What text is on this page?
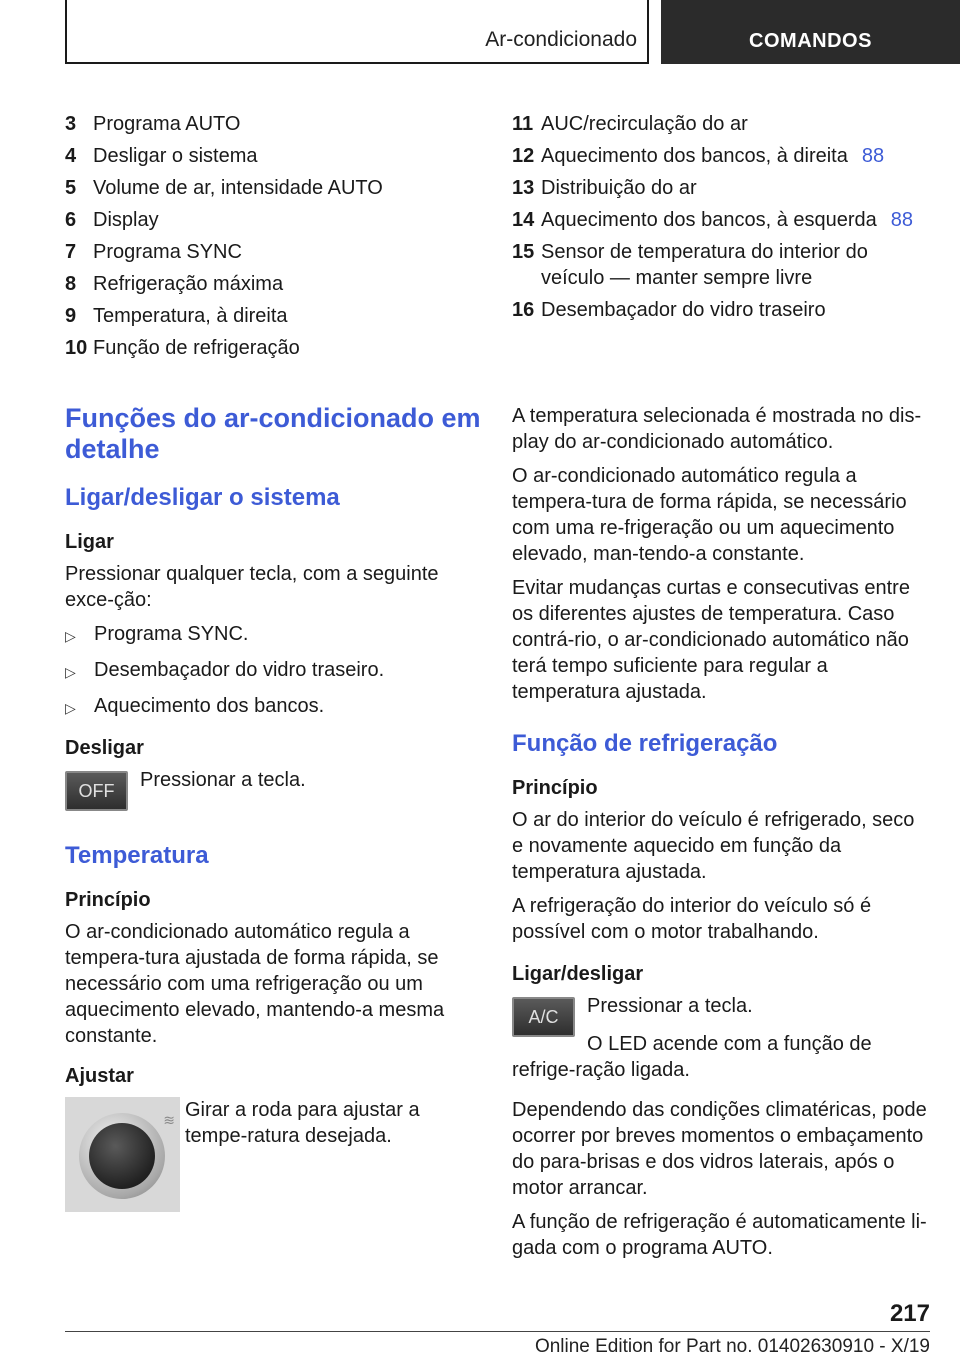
Ar-condicionado	COMANDOS
3 Programa AUTO
4 Desligar o sistema
5 Volume de ar, intensidade AUTO
6 Display
7 Programa SYNC
8 Refrigeração máxima
9 Temperatura, à direita
10 Função de refrigeração
11 AUC/recirculação do ar
12 Aquecimento dos bancos, à direita 88
13 Distribuição do ar
14 Aquecimento dos bancos, à esquerda 88
15 Sensor de temperatura do interior do veículo — manter sempre livre
16 Desembaçador do vidro traseiro
Funções do ar-condicionado em detalhe
Ligar/desligar o sistema
Ligar

Pressionar qualquer tecla, com a seguinte exce-ção:

▷ Programa SYNC.
▷ Desembaçador do vidro traseiro.
▷ Aquecimento dos bancos.
Desligar
OFF	Pressionar a tecla.
Temperatura
Princípio

O ar-condicionado automático regula a tempera-tura ajustada de forma rápida, se necessário com uma refrigeração ou um aquecimento elevado, mantendo-a mesma constante.

Ajustar
≋ Girar a roda para ajustar a tempe-ratura desejada.

A temperatura selecionada é mostrada no dis-play do ar-condicionado automático.

O ar-condicionado automático regula a tempera-tura de forma rápida, se necessário com uma re-frigeração ou um aquecimento elevado, man-tendo-a constante.

Evitar mudanças curtas e consecutivas entre os diferentes ajustes de temperatura. Caso contrá-rio, o ar-condicionado automático não terá tempo suficiente para regular a temperatura ajustada.

Função de refrigeração
Princípio

O ar do interior do veículo é refrigerado, seco e novamente aquecido em função da temperatura ajustada.

A refrigeração do interior do veículo só é possível com o motor trabalhando.

Ligar/desligar
A/C	Pressionar a tecla.

O LED acende com a função de refrige-ração ligada.

Dependendo das condições climatéricas, pode ocorrer por breves momentos o embaçamento do para-brisas e dos vidros laterais, após o motor arrancar.

A função de refrigeração é automaticamente li-gada com o programa AUTO.

217
Online Edition for Part no. 01402630910 - X/19
